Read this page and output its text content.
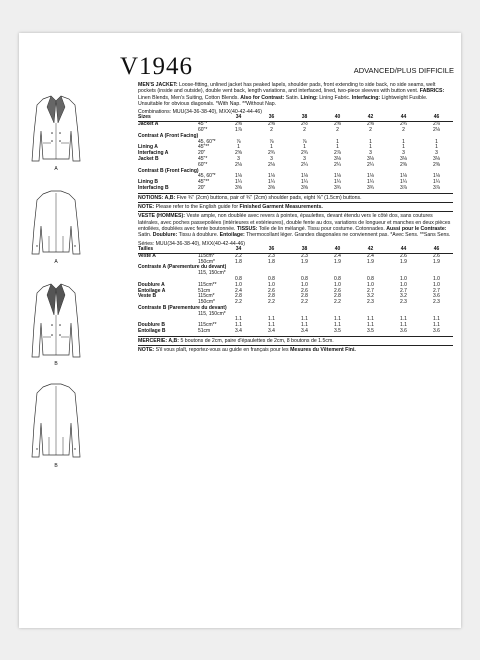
A
A
B
B
V1946	ADVANCED/PLUS DIFFICILE

MEN'S JACKET: Loose-fitting, unlined jacket has peaked lapels, shoulder pads, front extending to side back, no side seams, welt pockets (inside and outside), double vent back, length variations, and interfaced, lined, two-piece sleeves with button vent. FABRICS: Linen Blends, Men's Suiting, Cotton Blends. Also for Contrast: Satin. Lining: Lining Fabric. Interfacing: Lightweight Fusible. Unsuitable for obvious diagonals. *With Nap. **Without Nap.

Combinations: MUU(34-36-38-40), MXX(40-42-44-46)
Sizes		34	36	38	40	42	44	46
Jacket A	45"*	2⅝	2⅝	2½	2⅝	2⅝	2¾	2⅞
	60"*	1⅞	2	2	2	2	2	2⅛
Contrast A (Front Facing)								
	45, 60"*	⅞	⅞	⅞	1	1	1	1
Lining A	45"**	1	1	1	1	1	1	1
Interfacing A	20"	2⅝	2¾	2¾	2⅞	3	3	3
Jacket B	45"*	3	3	3	3⅛	3⅛	3⅛	3⅛
	60"*	2⅛	2⅛	2¼	2¼	2¼	2⅜	2⅜
Contrast B (Front Facing)								
	45, 60"*	1⅛	1⅛	1⅛	1⅛	1⅛	1⅛	1⅛
Lining B	45"**	1¼	1¼	1¼	1¼	1¼	1¼	1¼
Interfacing B	20"	3⅝	3⅝	3⅝	3¾	3¾	3⅞	3⅞

NOTIONS: A,B: Five ¾" (2cm) buttons, pair of ¾" (2cm) shoulder pads, eight ⅝" (1.5cm) buttons.

NOTE: Please refer to the English guide for Finished Garment Measurements.

VESTE (HOMMES): Veste ample, non doublée avec revers à pointes, épaulettes, devant étendu vers le côté dos, sans coutures latérales, avec poches passepoilées (intérieures et extérieures), double fente au dos, variations de longueur et manches en deux pièces entoilées, doublées avec fente boutonnée. TISSUS: Toile de lin mélangé. Tissu pour costume. Cotonnades. Aussi pour le Contraste: Satin. Doublure: Tissu à doublure. Entoilage: Thermocollant léger. Grandes diagonales ne conviennent pas. *Avec Sens. **Sans Sens.

Séries: MUU(34-36-38-40), MXX(40-42-44-46)
Tailles		34	36	38	40	42	44	46
Veste A	115cm*	2.2	2.3	2.3	2.4	2.4	2.6	2.6
	150cm*	1.8	1.8	1.9	1.9	1.9	1.9	1.9
Contraste A (Parementure du devant)								
	115, 150cm*							
		0.8	0.8	0.8	0.8	0.8	1.0	1.0
Doublure A	115cm**	1.0	1.0	1.0	1.0	1.0	1.0	1.0
Entoilage A	51cm	2.4	2.6	2.6	2.6	2.7	2.7	2.7
Veste B	115cm*	2.8	2.8	2.8	2.8	3.2	3.2	3.6
	150cm*	2.2	2.2	2.2	2.2	2.3	2.3	2.3
Contraste B (Parementure du devant)								
	115, 150cm*							
		1.1	1.1	1.1	1.1	1.1	1.1	1.1
Doublure B	115cm**	1.1	1.1	1.1	1.1	1.1	1.1	1.1
Entoilage B	51cm	3.4	3.4	3.4	3.5	3.5	3.6	3.6

MERCERIE: A,B: 5 boutons de 2cm, paire d'épaulettes de 2cm, 8 boutons de 1.5cm.

NOTE: S'il vous plaît, reportez-vous au guide en français pour les Mesures du Vêtement Fini.
